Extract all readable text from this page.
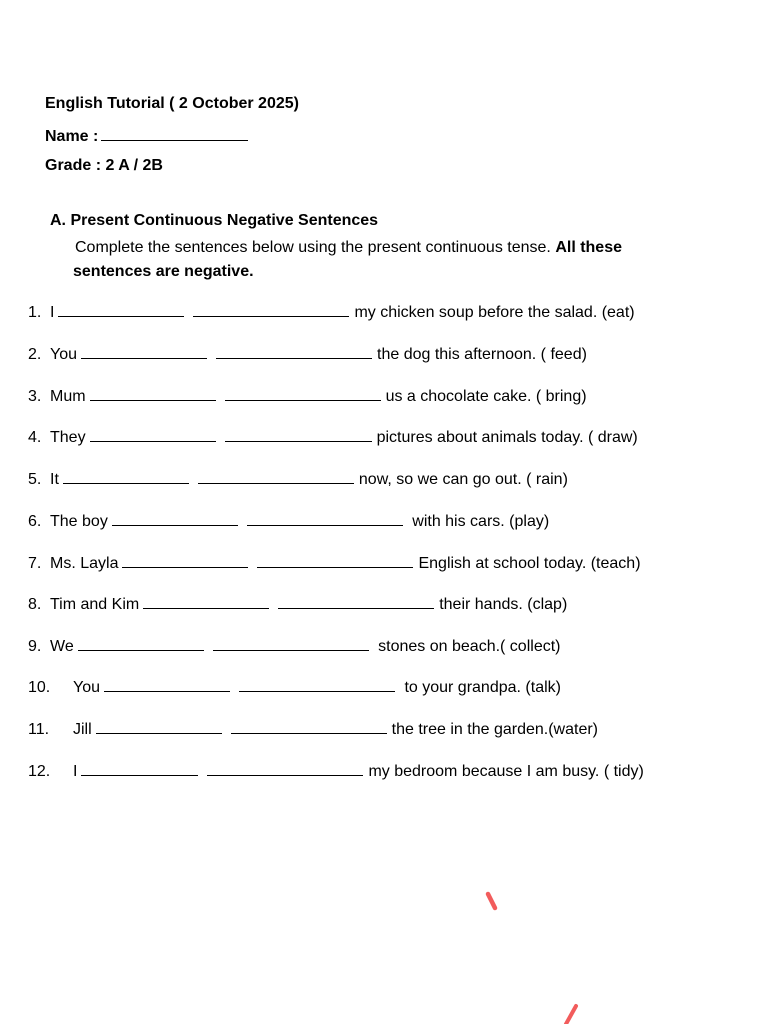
English Tutorial ( 2 October 2025)
Name :
Grade : 2 A / 2B
A. Present Continuous Negative Sentences
Complete the sentences below using the present continuous tense. All these
sentences are negative.
1. I	my chicken soup before the salad. (eat)
2. You	the dog this afternoon. ( feed)
3. Mum	us a chocolate cake. ( bring)
4. They	pictures about animals today. ( draw)
5. It	now, so we can go out. ( rain)
6. The boy	with his cars. (play)
7. Ms. Layla	English at school today. (teach)
8. Tim and Kim	their hands. (clap)
9. We	stones on beach.( collect)
10. You	to your grandpa. (talk)
11. Jill	the tree in the garden.(water)
12. I	my bedroom because I am busy. ( tidy)
